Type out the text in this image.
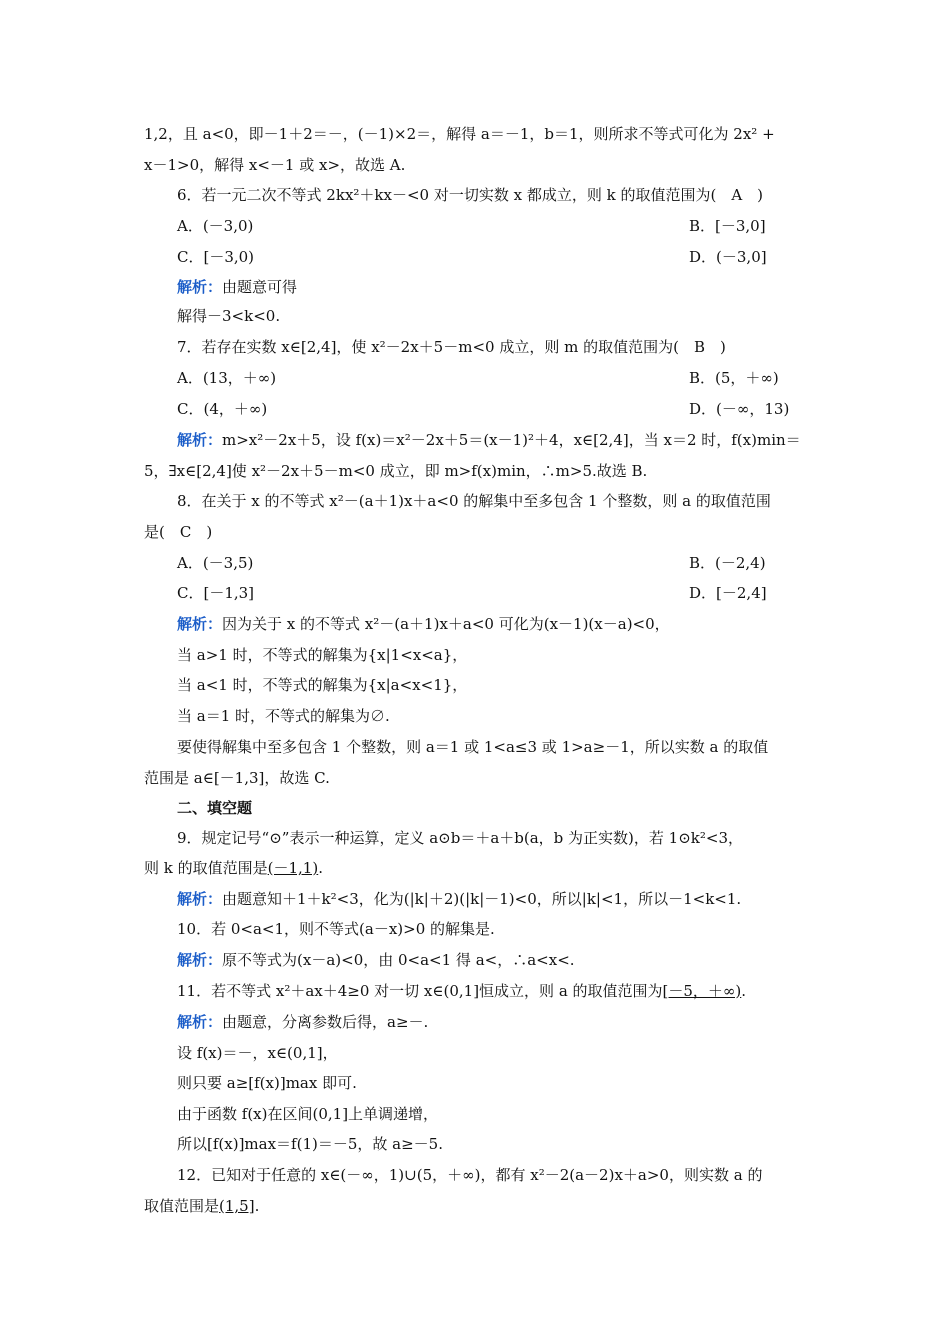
1,2，且 a<0，即－1＋2＝－，(－1)×2＝，解得 a＝－1，b＝1，则所求不等式可化为 2x² +
x－1>0，解得 x<－1 或 x>，故选 A.
6．若一元二次不等式 2kx²＋kx－<0 对一切实数 x 都成立，则 k 的取值范围为(　A　)
A．(－3,0)	B．[－3,0]
C．[－3,0)	D．(－3,0]
解析：由题意可得
解得－3<k<0.
7．若存在实数 x∈[2,4]，使 x²－2x＋5－m<0 成立，则 m 的取值范围为(　B　)
A．(13，＋∞)	B．(5，＋∞)
C．(4，＋∞)	D．(－∞，13)
解析：m>x²－2x＋5，设 f(x)＝x²－2x＋5＝(x－1)²＋4，x∈[2,4]，当 x＝2 时，f(x)min＝
5，∃x∈[2,4]使 x²－2x＋5－m<0 成立，即 m>f(x)min，∴m>5.故选 B.
8．在关于 x 的不等式 x²－(a＋1)x＋a<0 的解集中至多包含 1 个整数，则 a 的取值范围
是(　C　)
A．(－3,5)	B．(－2,4)
C．[－1,3]	D．[－2,4]
解析：因为关于 x 的不等式 x²－(a＋1)x＋a<0 可化为(x－1)(x－a)<0，
当 a>1 时，不等式的解集为{x|1<x<a}，
当 a<1 时，不等式的解集为{x|a<x<1}，
当 a＝1 时，不等式的解集为∅.
要使得解集中至多包含 1 个整数，则 a＝1 或 1<a≤3 或 1>a≥－1，所以实数 a 的取值
范围是 a∈[－1,3]，故选 C.
二、填空题
9．规定记号“⊙”表示一种运算，定义 a⊙b＝＋a＋b(a，b 为正实数)，若 1⊙k²<3，
则 k 的取值范围是(－1,1).
解析：由题意知＋1＋k²<3，化为(|k|＋2)(|k|－1)<0，所以|k|<1，所以－1<k<1.
10．若 0<a<1，则不等式(a－x)>0 的解集是.
解析：原不等式为(x－a)<0，由 0<a<1 得 a<，∴a<x<.
11．若不等式 x²＋ax＋4≥0 对一切 x∈(0,1]恒成立，则 a 的取值范围为[－5，＋∞).
解析：由题意，分离参数后得，a≥－.
设 f(x)＝－，x∈(0,1]，
则只要 a≥[f(x)]max 即可.
由于函数 f(x)在区间(0,1]上单调递增，
所以[f(x)]max＝f(1)＝－5，故 a≥－5.
12．已知对于任意的 x∈(－∞，1)∪(5，＋∞)，都有 x²－2(a－2)x＋a>0，则实数 a 的
取值范围是(1,5].
